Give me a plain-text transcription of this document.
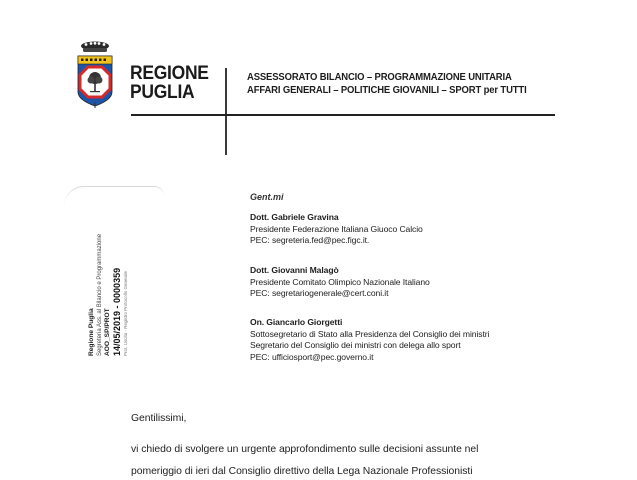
REGIONE
PUGLIA
ASSESSORATO BILANCIO – PROGRAMMAZIONE UNITARIA
AFFARI GENERALI – POLITICHE GIOVANILI – SPORT per TUTTI
Regione Puglia Segreteria Ass. al Bilancio e Programmazione AOO_SP/PROT 14/05/2019 - 0000359 Prot. Uscita - Registro Protocollo Generale
Gent.mi
Dott. Gabriele Gravina
Presidente Federazione Italiana Giuoco Calcio
PEC: segreteria.fed@pec.figc.it.
Dott. Giovanni Malagò
Presidente Comitato Olimpico Nazionale Italiano
PEC: segretariogenerale@cert.coni.it
On. Giancarlo Giorgetti
Sottosegretario di Stato alla Presidenza del Consiglio dei ministri
Segretario del Consiglio dei ministri con delega allo sport
PEC: ufficiosport@pec.governo.it
Gentilissimi,
vi chiedo di svolgere un urgente approfondimento sulle decisioni assunte nel
pomeriggio di ieri dal Consiglio direttivo della Lega Nazionale Professionisti
